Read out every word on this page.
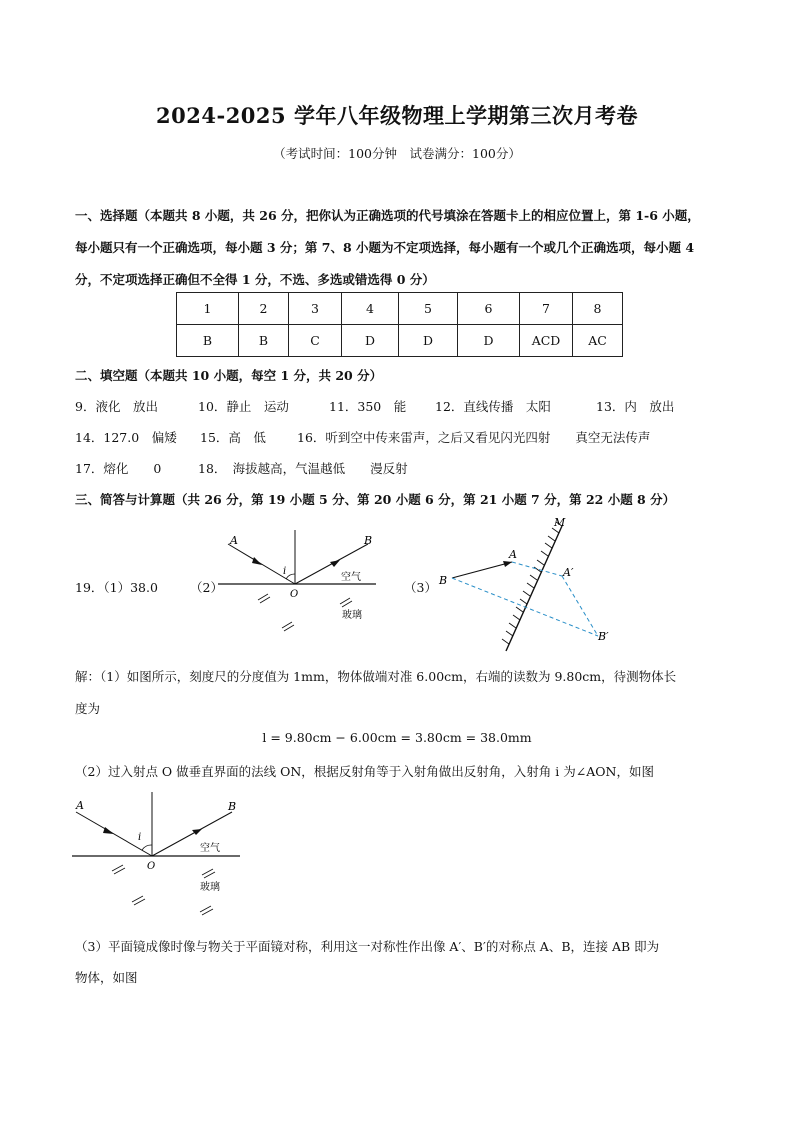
2024-2025 学年八年级物理上学期第三次月考卷
（考试时间：100分钟　试卷满分：100分）
一、选择题（本题共 8 小题，共 26 分，把你认为正确选项的代号填涂在答题卡上的相应位置上，第 1-6 小题，
每小题只有一个正确选项，每小题 3 分；第 7、8 小题为不定项选择，每小题有一个或几个正确选项，每小题 4
分，不定项选择正确但不全得 1 分，不选、多选或错选得 0 分）
1	2	3	4	5	6	7	8
B	B	C	D	D	D	ACD	AC
二、填空题（本题共 10 小题，每空 1 分，共 20 分）
9．液化　放出	10．静止　运动	11．350　能 12．直线传播　太阳	13．内　放出
14．127.0　偏矮 15．高　低 16．听到空中传来雷声，之后又看见闪光四射　　真空无法传声
17．熔化　　0	18．　海拔越高，气温越低　　漫反射
三、简答与计算题（共 26 分，第 19 小题 5 分、第 20 小题 6 分，第 21 小题 7 分，第 22 小题 8 分）
19．（1）38.0	（2）	（3）
A	B
i
O
空气
玻璃
M
A
B
A′
B′
解：（1）如图所示，刻度尺的分度值为 1mm，物体做端对准 6.00cm，右端的读数为 9.80cm，待测物体长
度为
l = 9.80cm − 6.00cm = 3.80cm = 38.0mm
（2）过入射点 O 做垂直界面的法线 ON，根据反射角等于入射角做出反射角，入射角 i 为∠AON，如图
A	B
i
O
空气
玻璃
（3）平面镜成像时像与物关于平面镜对称，利用这一对称性作出像 A′、B′的对称点 A、B，连接 AB 即为
物体，如图
